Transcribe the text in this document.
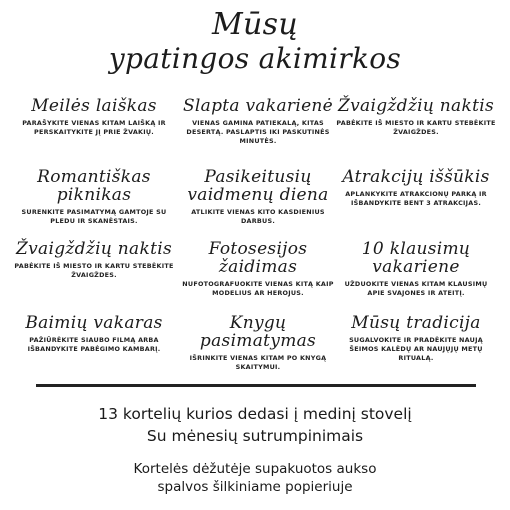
Mūsų
ypatingos akimirkos
Meilės laiškas
PARAŠYKITE VIENAS KITAM LAIŠKĄ IR PERSKAITYKITE JĮ PRIE ŽVAKIŲ.
Slapta vakarienė
VIENAS GAMINA PATIEKALĄ, KITAS DESERTĄ. PASLAPTIS IKI PASKUTINĖS MINUTĖS.
Žvaigždžių naktis
PABĖKITE IŠ MIESTO IR KARTU STEBĖKITE ŽVAIGŽDES.
Romantiškas piknikas
SURENKITE PASIMATYMĄ GAMTOJE SU PLEDU IR SKANĖSTAIS.
Pasikeitusių vaidmenų diena
ATLIKITE VIENAS KITO KASDIENIUS DARBUS.
Atrakcijų iššūkis
APLANKYKITE ATRAKCIONŲ PARKĄ IR IŠBANDYKITE BENT 3 ATRAKCIJAS.
Žvaigždžių naktis
PABĖKITE IŠ MIESTO IR KARTU STEBĖKITE ŽVAIGŽDES.
Fotosesijos žaidimas
NUFOTOGRAFUOKITE VIENAS KITĄ KAIP MODELIUS AR HEROJUS.
10 klausimų vakariene
UŽDUOKITE VIENAS KITAM KLAUSIMŲ APIE SVAJONES IR ATEITĮ.
Baimių vakaras
PAŽIŪRĖKITE SIAUBO FILMĄ ARBA IŠBANDYKITE PABĖGIMO KAMBARĮ.
Knygų pasimatymas
IŠRINKITE VIENAS KITAM PO KNYGĄ SKAITYMUI.
Mūsų tradicija
SUGALVOKITE IR PRADĖKITE NAUJĄ ŠEIMOS KALĖDŲ AR NAUJŲJŲ METŲ RITUALĄ.
13 kortelių kurios dedasi į medinį stovelį
Su mėnesių sutrumpinimais
Kortelės dėžutėje supakuotos aukso
spalvos šilkiniame popieriuje
